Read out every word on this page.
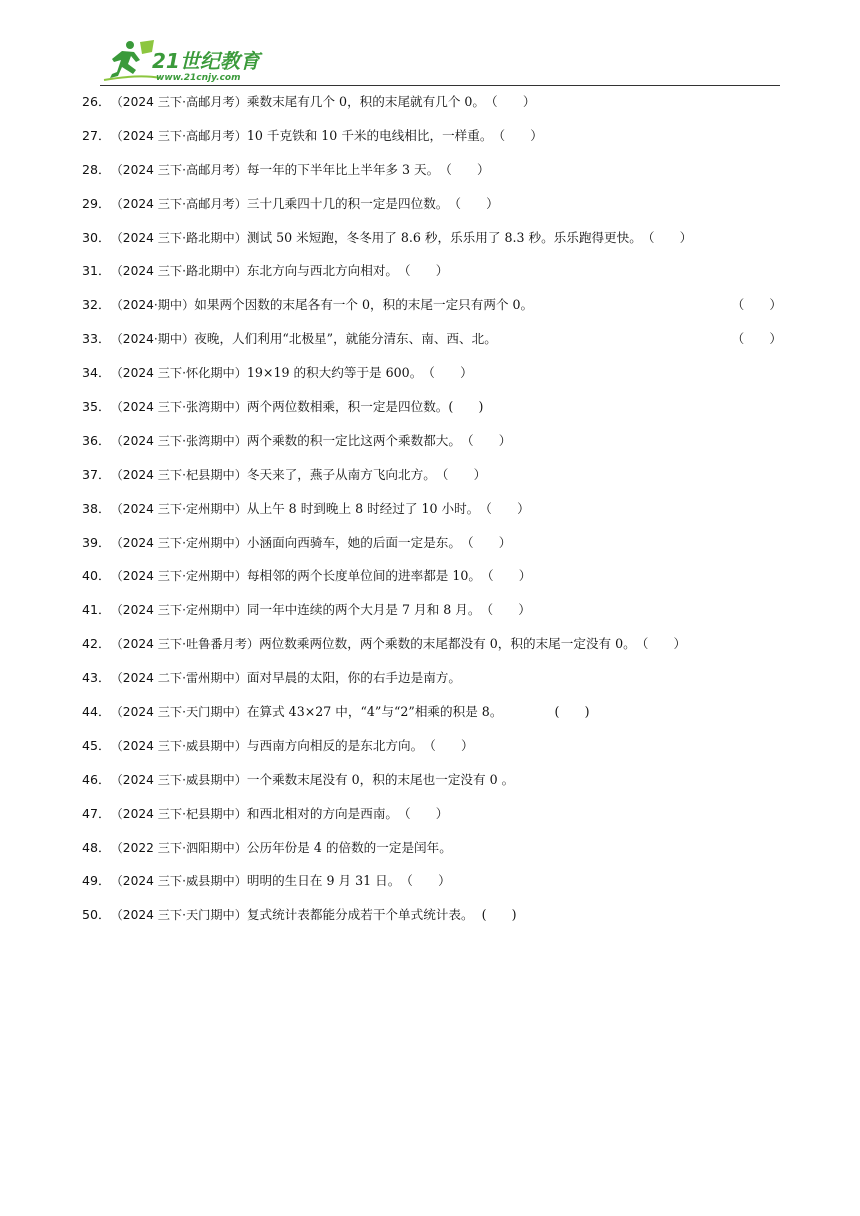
21世纪教育
www.21cnjy.com
26． （2024 三下·高邮月考） 乘数末尾有几个 0，积的末尾就有几个 0。 （　　）
27． （2024 三下·高邮月考） 10 千克铁和 10 千米的电线相比，一样重。 （　　）
28． （2024 三下·高邮月考） 每一年的下半年比上半年多 3 天。 （　　）
29． （2024 三下·高邮月考） 三十几乘四十几的积一定是四位数。 （　　）
30． （2024 三下·路北期中） 测试 50 米短跑，冬冬用了 8.6 秒，乐乐用了 8.3 秒。乐乐跑得更快。 （　　）
31． （2024 三下·路北期中） 东北方向与西北方向相对。 （　　）
32． （2024·期中） 如果两个因数的末尾各有一个 0，积的末尾一定只有两个 0。	（　　）
33． （2024·期中） 夜晚，人们利用“北极星”，就能分清东、南、西、北。	（　　）
34． （2024 三下·怀化期中） 19×19 的积大约等于是 600。 （　　）
35． （2024 三下·张湾期中） 两个两位数相乘，积一定是四位数。 (　　)
36． （2024 三下·张湾期中） 两个乘数的积一定比这两个乘数都大。 （　　）
37． （2024 三下·杞县期中） 冬天来了，燕子从南方飞向北方。 （　　）
38． （2024 三下·定州期中） 从上午 8 时到晚上 8 时经过了 10 小时。 （　　）
39． （2024 三下·定州期中） 小涵面向西骑车，她的后面一定是东。 （　　）
40． （2024 三下·定州期中） 每相邻的两个长度单位间的进率都是 10。 （　　）
41． （2024 三下·定州期中） 同一年中连续的两个大月是 7 月和 8 月。 （　　）
42． （2024 三下·吐鲁番月考） 两位数乘两位数，两个乘数的末尾都没有 0，积的末尾一定没有 0。 （　　）
43． （2024 二下·雷州期中） 面对早晨的太阳，你的右手边是南方。
44． （2024 三下·天门期中） 在算式 43×27 中，“4”与“2”相乘的积是 8。 (　　)
45． （2024 三下·威县期中） 与西南方向相反的是东北方向。 （　　）
46． （2024 三下·威县期中） 一个乘数末尾没有 0，积的末尾也一定没有 0 。
47． （2024 三下·杞县期中） 和西北相对的方向是西南。 （　　）
48． （2022 三下·泗阳期中） 公历年份是 4 的倍数的一定是闰年。
49． （2024 三下·威县期中） 明明的生日在 9 月 31 日。 （　　）
50． （2024 三下·天门期中） 复式统计表都能分成若干个单式统计表。 (　　)
